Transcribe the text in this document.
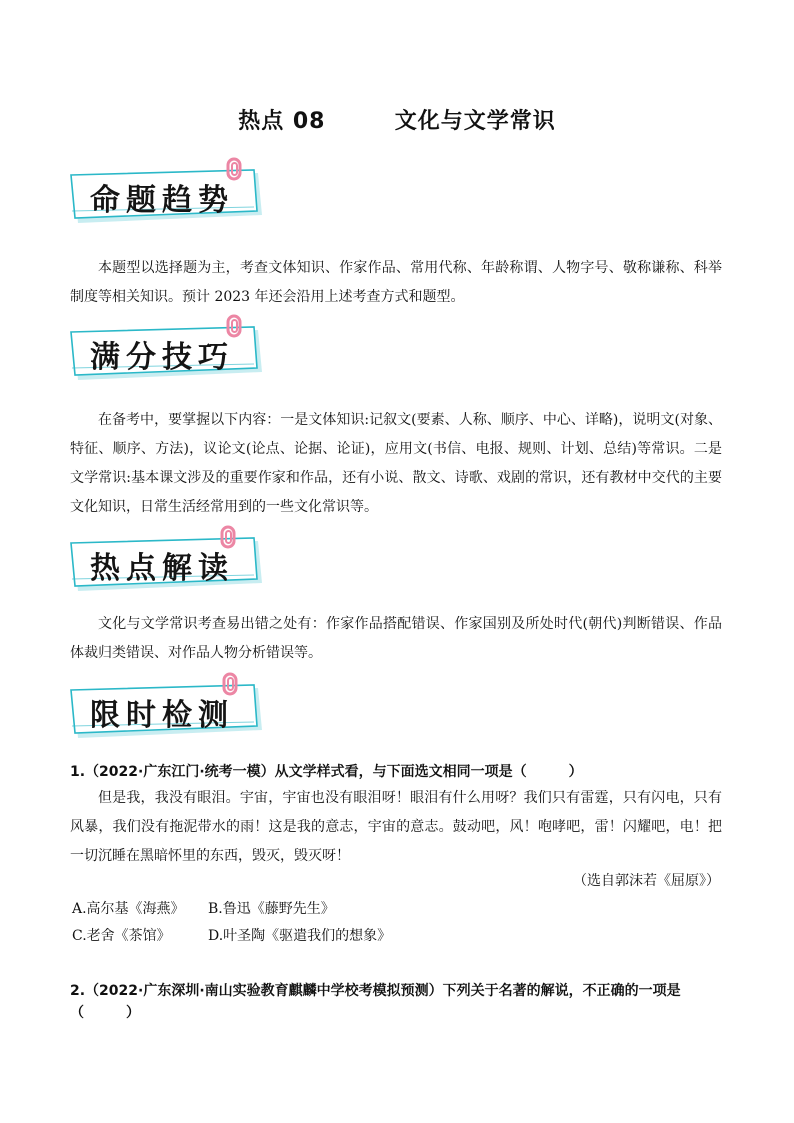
热点 08        文化与文学常识
命题趋势

本题型以选择题为主，考查文体知识、作家作品、常用代称、年龄称谓、人物字号、敬称谦称、科举制度等相关知识。预计 2023 年还会沿用上述考查方式和题型。

满分技巧

在备考中，要掌握以下内容：一是文体知识:记叙文(要素、人称、顺序、中心、详略)，说明文(对象、特征、顺序、方法)，议论文(论点、论据、论证)，应用文(书信、电报、规则、计划、总结)等常识。二是文学常识:基本课文涉及的重要作家和作品，还有小说、散文、诗歌、戏剧的常识，还有教材中交代的主要文化知识，日常生活经常用到的一些文化常识等。

热点解读

文化与文学常识考查易出错之处有：作家作品搭配错误、作家国别及所处时代(朝代)判断错误、作品体裁归类错误、对作品人物分析错误等。

限时检测

1.（2022·广东江门·统考一模）从文学样式看，与下面选文相同一项是（　　　）

但是我，我没有眼泪。宇宙，宇宙也没有眼泪呀！眼泪有什么用呀？我们只有雷霆，只有闪电，只有风暴，我们没有拖泥带水的雨！这是我的意志，宇宙的意志。鼓动吧，风！咆哮吧，雷！闪耀吧，电！把一切沉睡在黑暗怀里的东西，毁灭，毁灭呀！

（选自郭沫若《屈原》）
A.高尔基《海燕》 B.鲁迅《藤野先生》
C.老舍《茶馆》	D.叶圣陶《驱遣我们的想象》

2.（2022·广东深圳·南山实验教育麒麟中学校考模拟预测）下列关于名著的解说，不正确的一项是（　　　）
